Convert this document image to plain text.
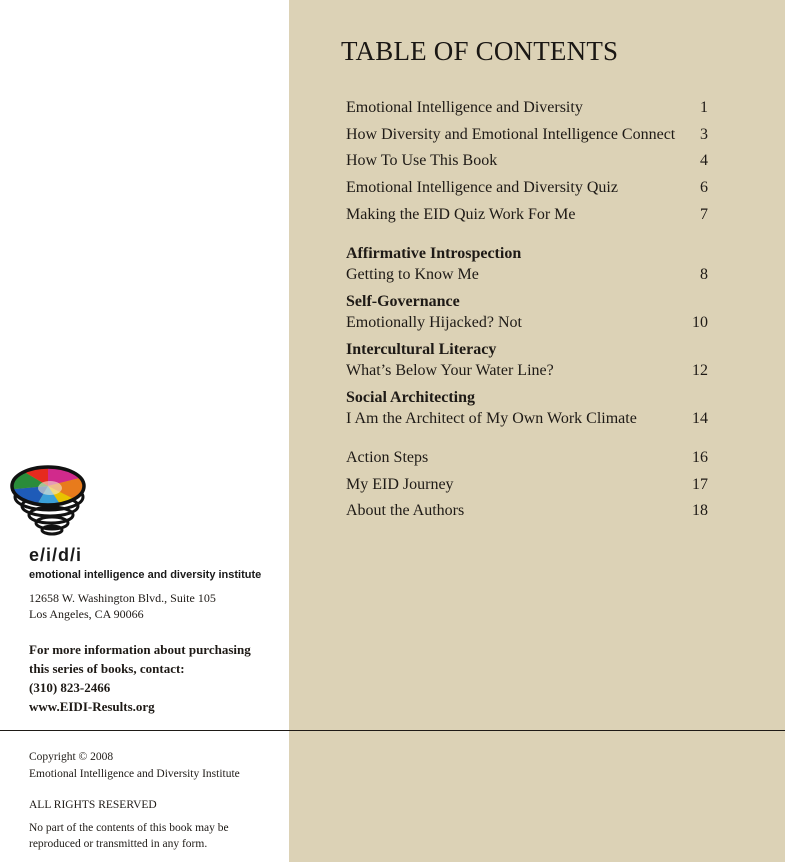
TABLE OF CONTENTS
Emotional Intelligence and Diversity	1
How Diversity and Emotional Intelligence Connect 3
How To Use This Book	4
Emotional Intelligence and Diversity Quiz	6
Making the EID Quiz Work For Me	7
Affirmative Introspection
Getting to Know Me	8
Self-Governance
Emotionally Hijacked? Not	10
Intercultural Literacy
What’s Below Your Water Line?	12
Social Architecting
I Am the Architect of My Own Work Climate	14
Action Steps	16
My EID Journey	17
About the Authors	18
e/i/d/i
emotional intelligence and diversity institute
12658 W. Washington Blvd., Suite 105
Los Angeles, CA 90066
For more information about purchasing
this series of books, contact:
(310) 823-2466
www.EIDI-Results.org
Copyright © 2008
Emotional Intelligence and Diversity Institute
ALL RIGHTS RESERVED
No part of the contents of this book may be
reproduced or transmitted in any form.
